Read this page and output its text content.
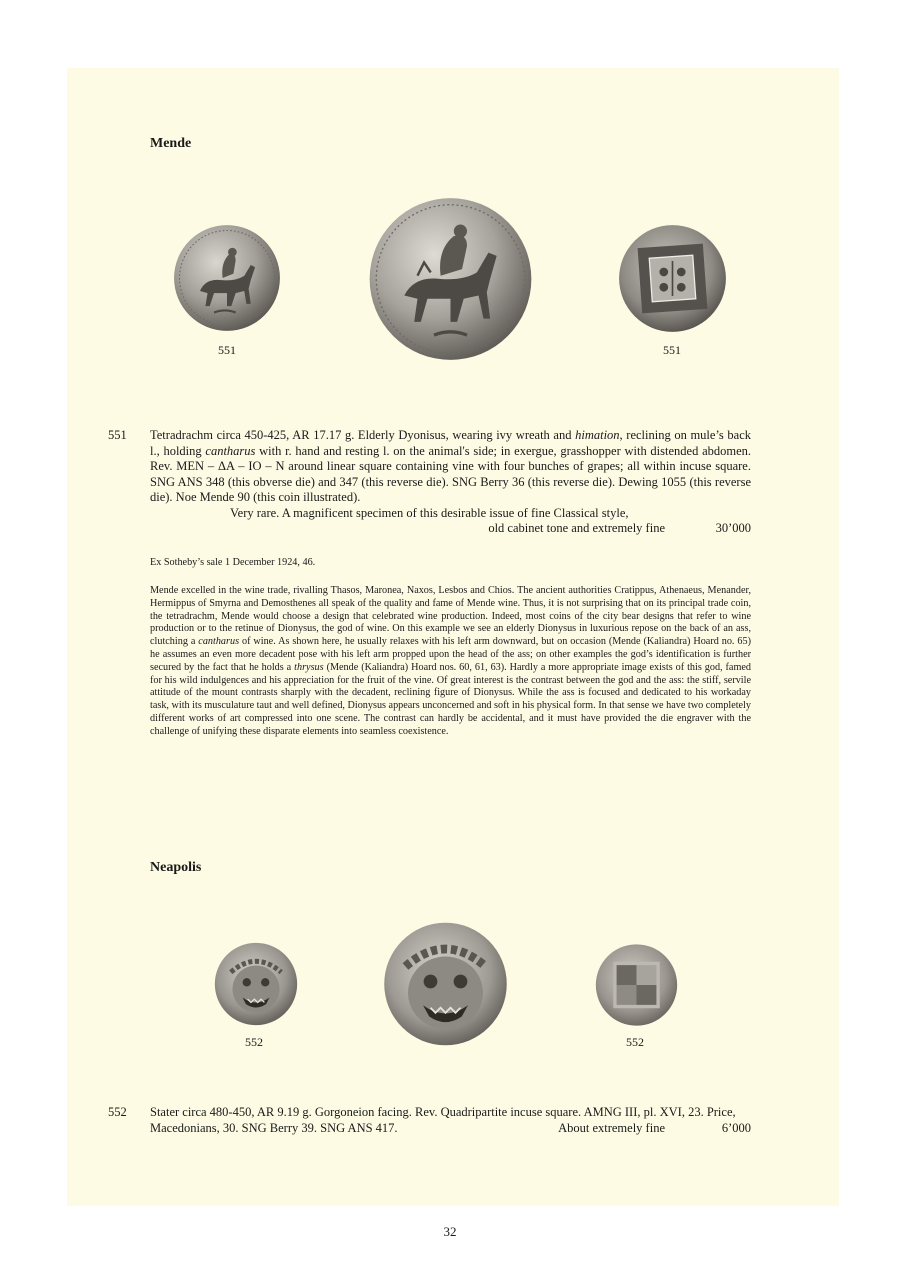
Mende
551	551
551 Tetradrachm circa 450-425, AR 17.17 g. Elderly Dyonisus, wearing ivy wreath and himation, reclining on mule’s back l., holding cantharus with r. hand and resting l. on the animal's side; in exergue, grasshopper with distended abdomen. Rev. MEN – ΔA – IO – N around linear square containing vine with four bunches of grapes; all within incuse square. SNG ANS 348 (this obverse die) and 347 (this reverse die). SNG Berry 36 (this reverse die). Dewing 1055 (this reverse die). Noe Mende 90 (this coin illustrated).

Very rare. A magnificent specimen of this desirable issue of fine Classical style,
old cabinet tone and extremely fine	30’000
Ex Sotheby’s sale 1 December 1924, 46.
Mende excelled in the wine trade, rivalling Thasos, Maronea, Naxos, Lesbos and Chios. The ancient authorities Cratippus, Athenaeus, Menander, Hermippus of Smyrna and Demosthenes all speak of the quality and fame of Mende wine. Thus, it is not surprising that on its principal trade coin, the tetradrachm, Mende would choose a design that celebrated wine production. Indeed, most coins of the city bear designs that refer to wine production or to the retinue of Dionysus, the god of wine. On this example we see an elderly Dionysus in luxurious repose on the back of an ass, clutching a cantharus of wine. As shown here, he usually relaxes with his left arm downward, but on occasion (Mende (Kaliandra) Hoard no. 65) he assumes an even more decadent pose with his left arm propped upon the head of the ass; on other examples the god’s identification is further secured by the fact that he holds a thrysus (Mende (Kaliandra) Hoard nos. 60, 61, 63). Hardly a more appropriate image exists of this god, famed for his wild indulgences and his appreciation for the fruit of the vine. Of great interest is the contrast between the god and the ass: the stiff, servile attitude of the mount contrasts sharply with the decadent, reclining figure of Dionysus. While the ass is focused and dedicated to his workaday task, with its musculature taut and well defined, Dionysus appears unconcerned and soft in his physical form. In that sense we have two completely different works of art compressed into one scene. The contrast can hardly be accidental, and it must have provided the die engraver with the challenge of unifying these disparate elements into seamless coexistence.
Neapolis
552	552
552 Stater circa 480-450, AR 9.19 g. Gorgoneion facing. Rev. Quadripartite incuse square. AMNG III, pl. XVI, 23. Price, Macedonians, 30. SNG Berry 39. SNG ANS 417.	About extremely fine	6’000
32
